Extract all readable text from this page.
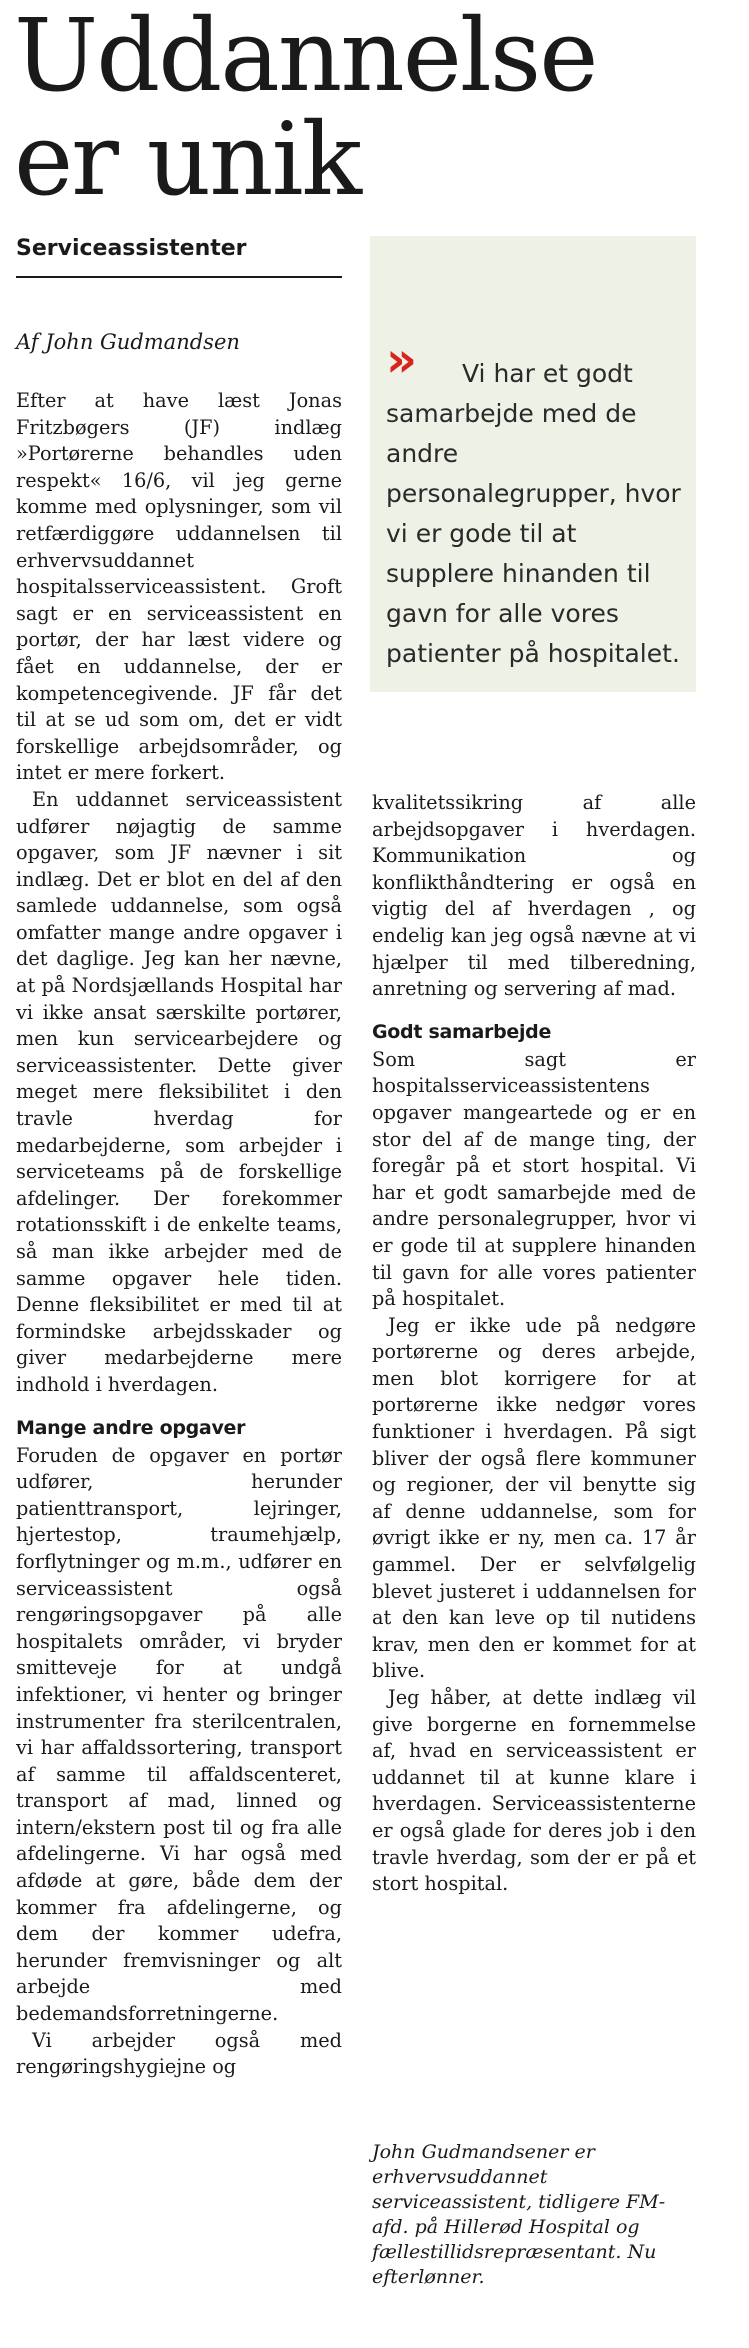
Uddannelse
er unik
Serviceassistenter
Af John Gudmandsen

Efter at have læst Jonas Fritzbøgers (JF) indlæg »Portørerne behandles uden respekt« 16/6, vil jeg gerne komme med oplysninger, som vil retfærdiggøre uddannelsen til erhvervsuddannet hospitalsserviceassistent. Groft sagt er en serviceassistent en portør, der har læst videre og fået en uddannelse, der er kompetencegivende. JF får det til at se ud som om, det er vidt forskellige arbejdsområder, og intet er mere forkert.

En uddannet serviceassistent udfører nøjagtig de samme opgaver, som JF nævner i sit indlæg. Det er blot en del af den samlede uddannelse, som også omfatter mange andre opgaver i det daglige. Jeg kan her nævne, at på Nordsjællands Hospital har vi ikke ansat særskilte portører, men kun servicearbejdere og serviceassistenter. Dette giver meget mere fleksibilitet i den travle hverdag for medarbejderne, som arbejder i serviceteams på de forskellige afdelinger. Der forekommer rotationsskift i de enkelte teams, så man ikke arbejder med de samme opgaver hele tiden. Denne fleksibilitet er med til at formindske arbejdsskader og giver medarbejderne mere indhold i hverdagen.

Mange andre opgaver

Foruden de opgaver en portør udfører, herunder patienttransport, lejringer, hjertestop, traumehjælp, forflytninger og m.m., udfører en serviceassistent også rengøringsopgaver på alle hospitalets områder, vi bryder smitteveje for at undgå infektioner, vi henter og bringer instrumenter fra sterilcentralen, vi har affaldssortering, transport af samme til affaldscenteret, transport af mad, linned og intern/ekstern post til og fra alle afdelingerne. Vi har også med afdøde at gøre, både dem der kommer fra afdelingerne, og dem der kommer udefra, herunder fremvisninger og alt arbejde med bedemandsforretningerne.

Vi arbejder også med rengøringshygiejne og

»	Vi har et godt samarbejde med de andre personalegrupper, hvor vi er gode til at supplere hinanden til gavn for alle vores patienter på hospitalet.

kvalitetssikring af alle arbejdsopgaver i hverdagen. Kommunikation og konflikthåndtering er også en vigtig del af hverdagen , og endelig kan jeg også nævne at vi hjælper til med tilberedning, anretning og servering af mad.

Godt samarbejde

Som sagt er hospitalsserviceassistentens opgaver mangeartede og er en stor del af de mange ting, der foregår på et stort hospital. Vi har et godt samarbejde med de andre personalegrupper, hvor vi er gode til at supplere hinanden til gavn for alle vores patienter på hospitalet.

Jeg er ikke ude på nedgøre portørerne og deres arbejde, men blot korrigere for at portørerne ikke nedgør vores funktioner i hverdagen. På sigt bliver der også flere kommuner og regioner, der vil benytte sig af denne uddannelse, som for øvrigt ikke er ny, men ca. 17 år gammel. Der er selvfølgelig blevet justeret i uddannelsen for at den kan leve op til nutidens krav, men den er kommet for at blive.

Jeg håber, at dette indlæg vil give borgerne en fornemmelse af, hvad en serviceassistent er uddannet til at kunne klare i hverdagen. Serviceassistenterne er også glade for deres job i den travle hverdag, som der er på et stort hospital.

John Gudmandsener er erhvervsuddannet serviceassistent, tidligere FM-afd. på Hillerød Hospital og fællestillidsrepræsentant. Nu efterlønner.
